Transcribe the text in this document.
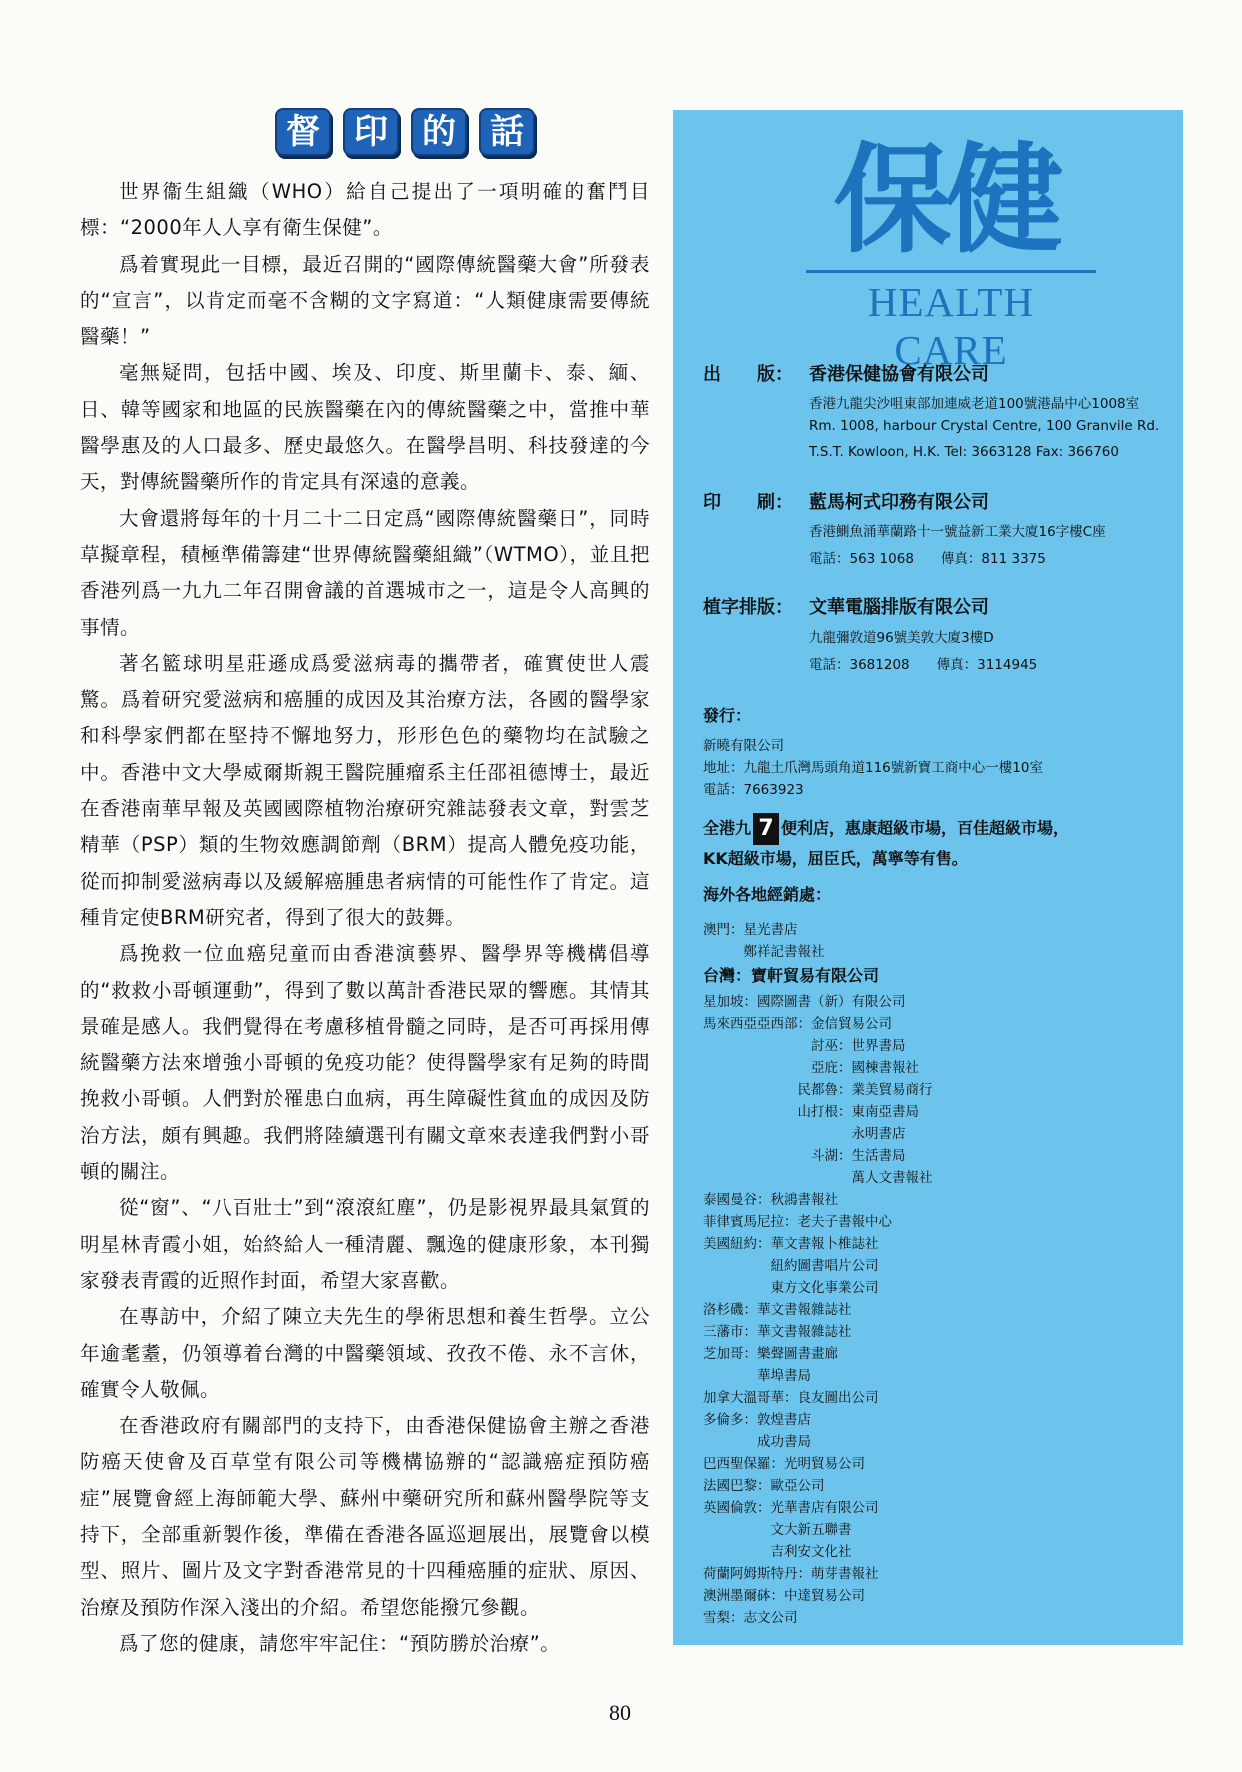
督	印	的	話

世界衞生組織（WHO）給自己提出了一項明確的奮鬥目標：“2000年人人享有衛生保健”。

爲着實現此一目標，最近召開的“國際傳統醫藥大會”所發表的“宣言”，以肯定而毫不含糊的文字寫道：“人類健康需要傳統醫藥！”

毫無疑問，包括中國、埃及、印度、斯里蘭卡、泰、緬、日、韓等國家和地區的民族醫藥在內的傳統醫藥之中，當推中華醫學惠及的人口最多、歷史最悠久。在醫學昌明、科技發達的今天，對傳統醫藥所作的肯定具有深遠的意義。

大會還將每年的十月二十二日定爲“國際傳統醫藥日”，同時草擬章程，積極準備籌建“世界傳統醫藥組織”（WTMO），並且把香港列爲一九九二年召開會議的首選城市之一，這是令人高興的事情。

著名籃球明星莊遜成爲愛滋病毒的攜帶者，確實使世人震驚。爲着研究愛滋病和癌腫的成因及其治療方法，各國的醫學家和科學家們都在堅持不懈地努力，形形色色的藥物均在試驗之中。香港中文大學威爾斯親王醫院腫瘤系主任邵祖德博士，最近在香港南華早報及英國國際植物治療研究雜誌發表文章，對雲芝精華（PSP）類的生物效應調節劑（BRM）提高人體免疫功能，從而抑制愛滋病毒以及緩解癌腫患者病情的可能性作了肯定。這種肯定使BRM研究者，得到了很大的鼓舞。

爲挽救一位血癌兒童而由香港演藝界、醫學界等機構倡導的“救救小哥頓運動”，得到了數以萬計香港民眾的響應。其情其景確是感人。我們覺得在考慮移植骨髓之同時，是否可再採用傳統醫藥方法來增強小哥頓的免疫功能？使得醫學家有足夠的時間挽救小哥頓。人們對於罹患白血病，再生障礙性貧血的成因及防治方法，頗有興趣。我們將陸續選刊有關文章來表達我們對小哥頓的關注。

從“窗”、“八百壯士”到“滾滾紅塵”，仍是影視界最具氣質的明星林青霞小姐，始終給人一種清麗、飄逸的健康形象，本刊獨家發表青霞的近照作封面，希望大家喜歡。

在專訪中，介紹了陳立夫先生的學術思想和養生哲學。立公年逾耄耋，仍領導着台灣的中醫藥領域、孜孜不倦、永不言休，確實令人敬佩。

在香港政府有關部門的支持下，由香港保健協會主辦之香港防癌天使會及百草堂有限公司等機構協辦的“認識癌症預防癌症”展覽會經上海師範大學、蘇州中藥研究所和蘇州醫學院等支持下，全部重新製作後，準備在香港各區巡迴展出，展覽會以模型、照片、圖片及文字對香港常見的十四種癌腫的症狀、原因、治療及預防作深入淺出的介紹。希望您能撥冗參觀。

爲了您的健康，請您牢牢記住：“預防勝於治療”。

保健
HEALTH CARE
出　　版： 香港保健協會有限公司
香港九龍尖沙咀東部加連威老道100號港晶中心1008室
Rm. 1008, harbour Crystal Centre, 100 Granvile Rd.
T.S.T. Kowloon, H.K. Tel: 3663128 Fax: 366760
印　　刷： 藍馬柯式印務有限公司
香港鰂魚涌華蘭路十一號益新工業大廈16字樓C座
電話：563 1068　　傳真：811 3375
植字排版： 文華電腦排版有限公司
九龍彌敦道96號美敦大廈3樓D
電話：3681208　　傳真：3114945
發行：
新曉有限公司
地址：九龍土爪灣馬頭角道116號新寶工商中心一樓10室
電話：7663923
全港九 7 便利店，惠康超級市場，百佳超級市場，
KK超級市場，屈臣氏，萬寧等有售。
海外各地經銷處：
澳門：星光書店
　　　鄭祥記書報社
台灣：寶軒貿易有限公司
星加坡：國際圖書（新）有限公司
馬來西亞亞西部：金信貿易公司
　　　　　　　　討巫：世界書局
　　　　　　　　亞庇：國棟書報社
　　　　　　　民都魯：業美貿易商行
　　　　　　　山打根：東南亞書局
　　　　　　　　　　　永明書店
　　　　　　　　斗湖：生活書局
　　　　　　　　　　　萬人文書報社
泰國曼谷：秋鴻書報社
菲律賓馬尼拉：老夫子書報中心
美國紐約：華文書報卜椎誌社
　　　　　紐約圖書唱片公司
　　　　　東方文化事業公司
洛杉磯：華文書報雜誌社
三藩市：華文書報雜誌社
芝加哥：樂聲圖書畫廊
　　　　華埠書局
加拿大溫哥華：良友圖出公司
多倫多：敦煌書店
　　　　成功書局
巴西聖保羅：光明貿易公司
法國巴黎：歐亞公司
英國倫敦：光華書店有限公司
　　　　　文大新五聯書
　　　　　吉利安文化社
荷蘭阿姆斯特丹：萌芽書報社
澳洲墨爾砵：中達貿易公司
雪梨：志文公司
80
